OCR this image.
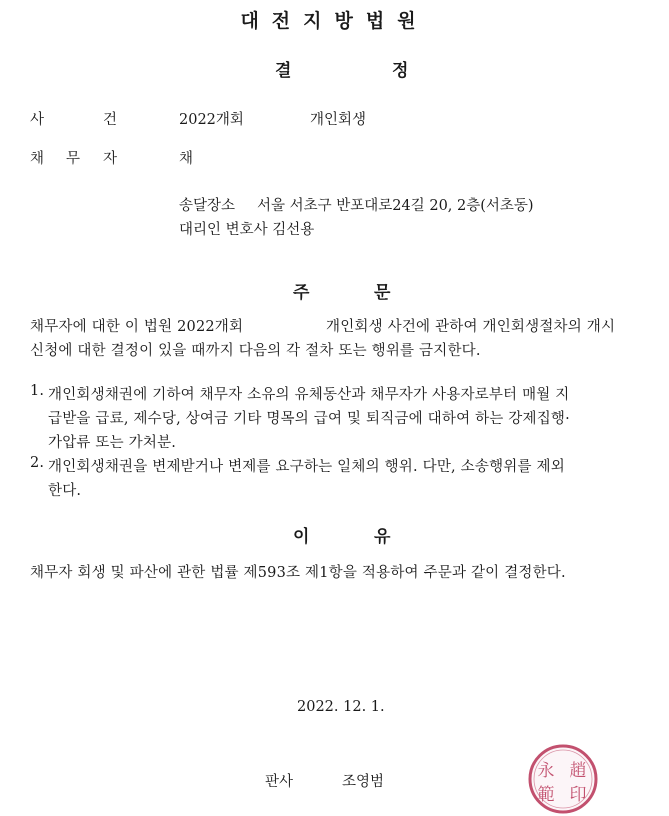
대전지방법원
결	정
사	건	2022개회	개인회생
채 무 자	채
송달장소 서울 서초구 반포대로24길 20, 2층(서초동)
대리인 변호사 김선용
주	문
채무자에 대한 이 법원 2022개회	개인회생 사건에 관하여 개인회생절차의 개시
신청에 대한 결정이 있을 때까지 다음의 각 절차 또는 행위를 금지한다.
1. 개인회생채권에 기하여 채무자 소유의 유체동산과 채무자가 사용자로부터 매월 지
급받을 급료, 제수당, 상여금 기타 명목의 급여 및 퇴직금에 대하여 하는 강제집행·
가압류 또는 가처분.
2. 개인회생채권을 변제받거나 변제를 요구하는 일체의 행위. 다만, 소송행위를 제외
한다.
이	유
채무자 회생 및 파산에 관한 법률 제593조 제1항을 적용하여 주문과 같이 결정한다.
2022. 12. 1.
판사	조영범
永
範
趙
印
